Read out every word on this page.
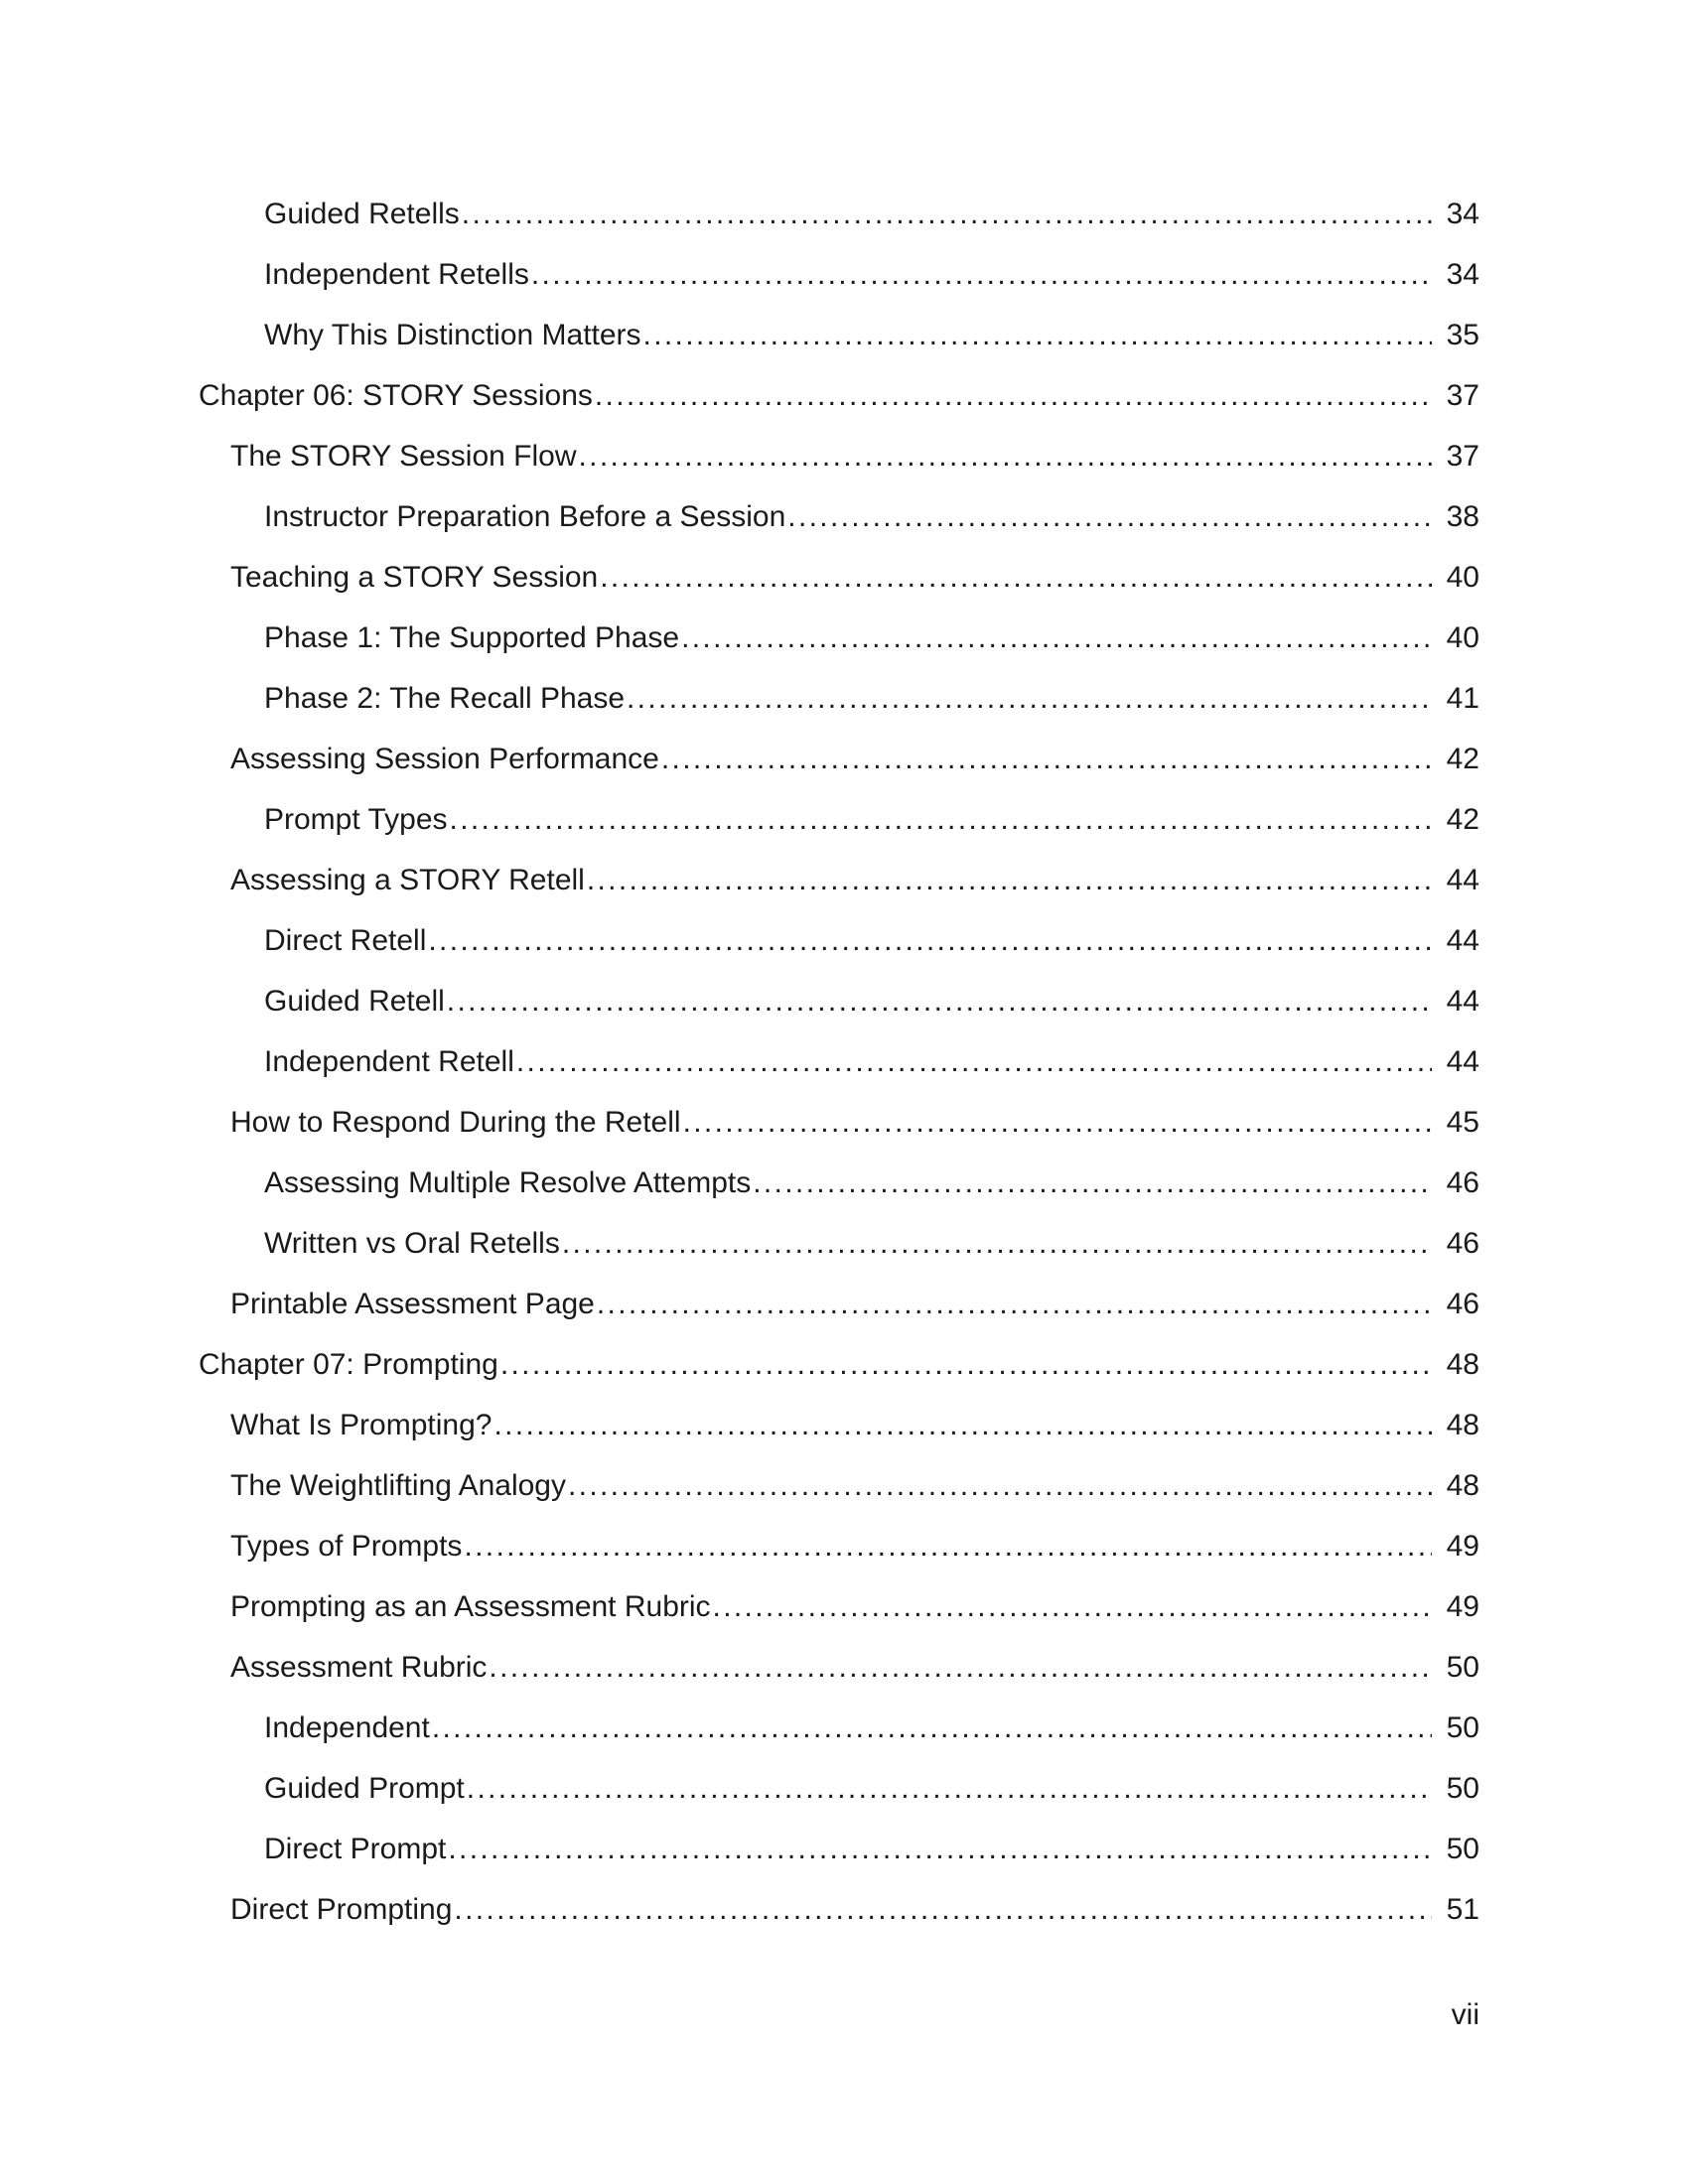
Guided Retells . . .	34
Independent Retells . . .	34
Why This Distinction Matters . . .	35
Chapter 06: STORY Sessions . . .	37
The STORY Session Flow . . .	37
Instructor Preparation Before a Session . . .	38
Teaching a STORY Session . . .	40
Phase 1: The Supported Phase . . .	40
Phase 2: The Recall Phase . . .	41
Assessing Session Performance . . .	42
Prompt Types . . .	42
Assessing a STORY Retell . . .	44
Direct Retell . . .	44
Guided Retell . . .	44
Independent Retell . . .	44
How to Respond During the Retell . . .	45
Assessing Multiple Resolve Attempts . . .	46
Written vs Oral Retells . . .	46
Printable Assessment Page . . .	46
Chapter 07: Prompting . . .	48
What Is Prompting? . . .	48
The Weightlifting Analogy . . .	48
Types of Prompts . . .	49
Prompting as an Assessment Rubric . . .	49
Assessment Rubric . . .	50
Independent . . .	50
Guided Prompt . . .	50
Direct Prompt . . .	50
Direct Prompting . . .	51
vii
